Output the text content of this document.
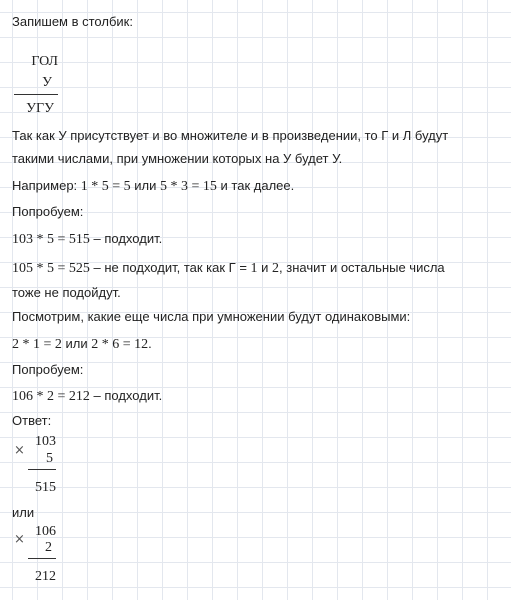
Запишем в столбик:

ГОЛ
У
УГУ

Так как У присутствует и во множителе и в произведении, то Г и Л будут

такими числами, при умножении которых на У будет У.

Например: 1 * 5 = 5 или 5 * 3 = 15 и так далее.

Попробуем:

103 * 5 = 515 – подходит.

105 * 5 = 525 – не подходит, так как Г = 1 и 2, значит и остальные числа

тоже не подойдут.

Посмотрим, какие еще числа при умножении будут одинаковыми:

2 * 1 = 2 или 2 * 6 = 12.

Попробуем:

106 * 2 = 212 – подходит.

Ответ:

×
103
5
515

или

×
106
2
212
